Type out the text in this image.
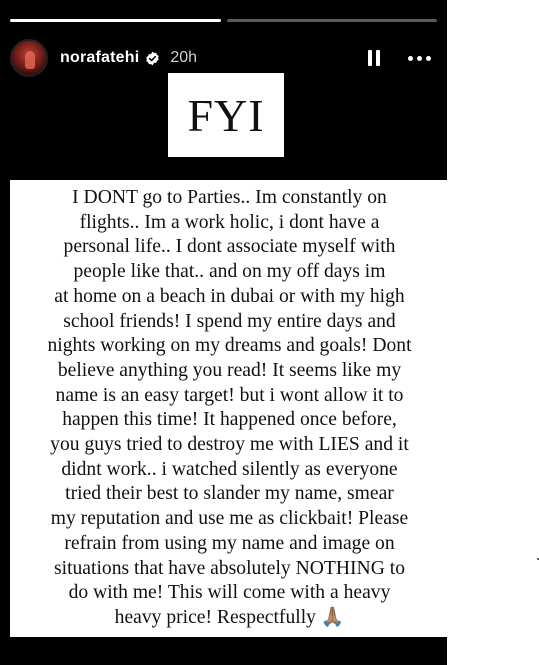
norafatehi 20h
FYI

I DONT go to Parties.. Im constantly on
flights.. Im a work holic, i dont have a
personal life.. I dont associate myself with
people like that.. and on my off days im
at home on a beach in dubai or with my high
school friends! I spend my entire days and
nights working on my dreams and goals! Dont
believe anything you read! It seems like my
name is an easy target! but i wont allow it to
happen this time! It happened once before,
you guys tried to destroy me with LIES and it
didnt work.. i watched silently as everyone
tried their best to slander my name, smear
my reputation and use me as clickbait! Please
refrain from using my name and image on
situations that have absolutely NOTHING to
do with me! This will come with a heavy
heavy price! Respectfully 🙏🏽
